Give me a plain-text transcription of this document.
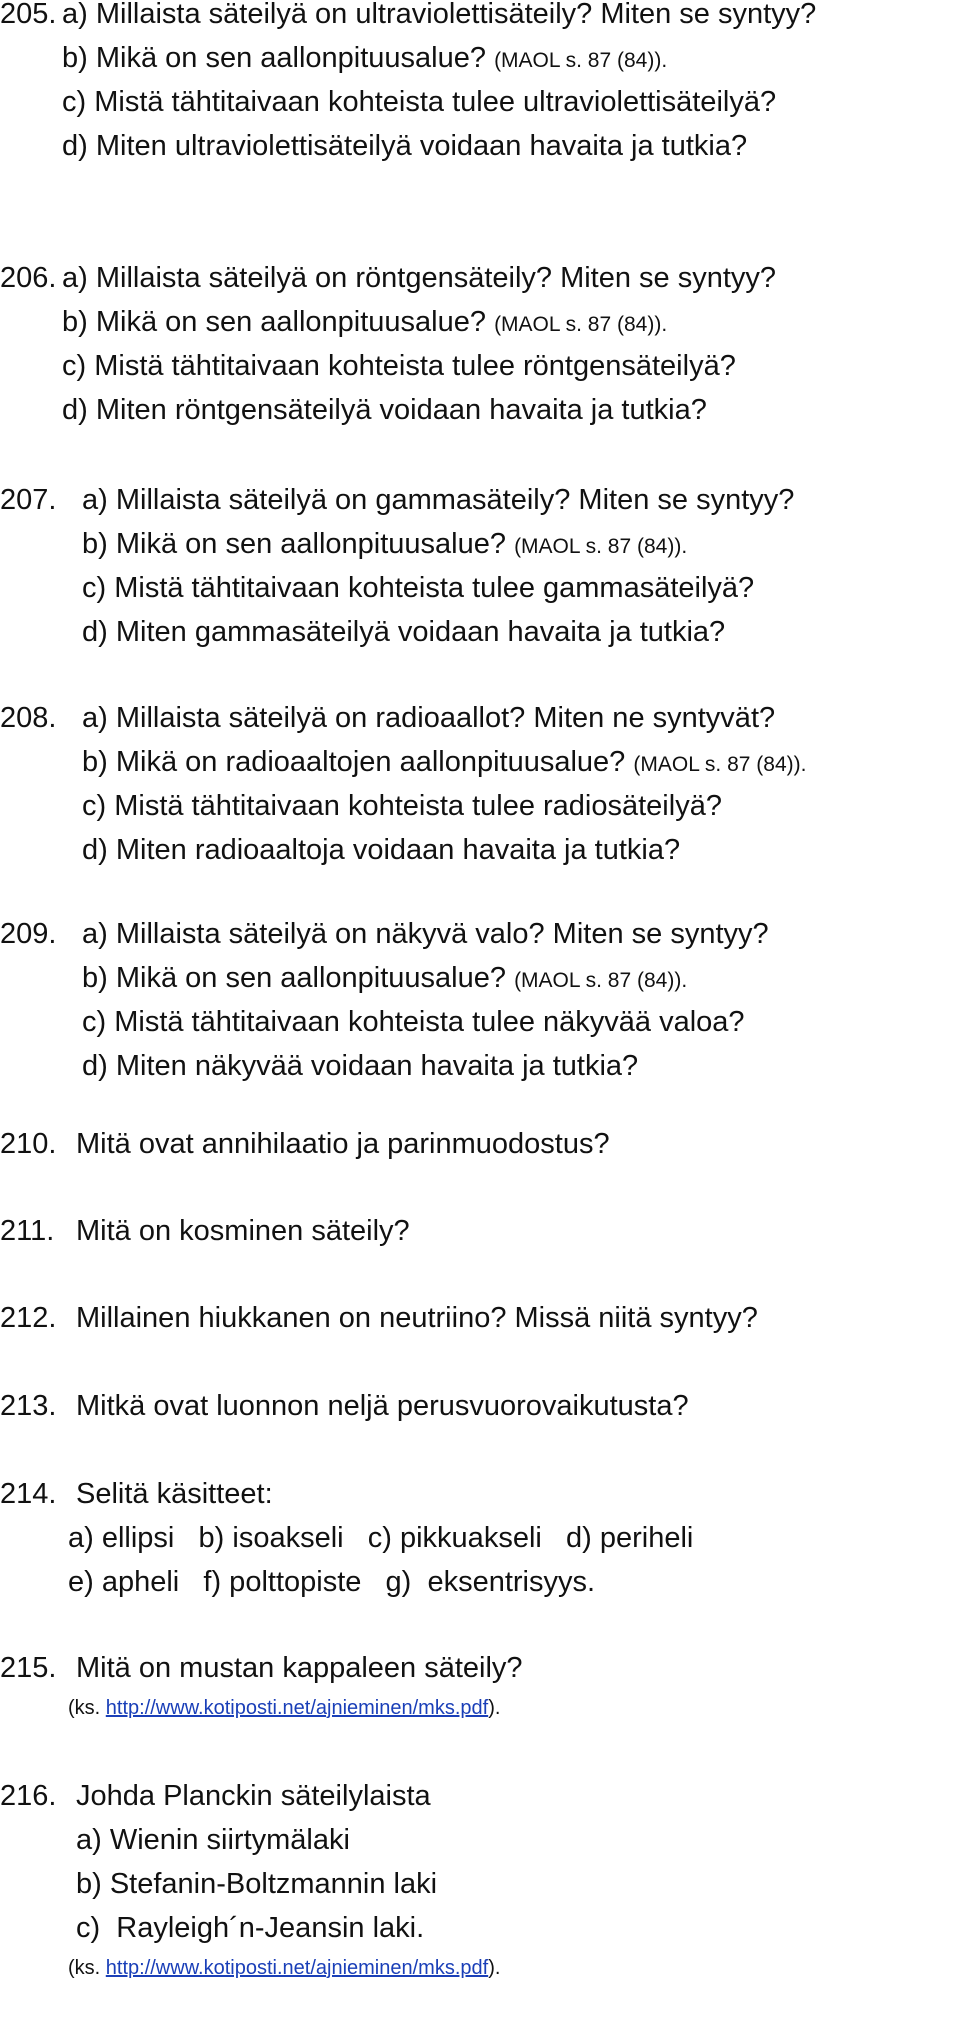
205. a) Millaista säteilyä on ultraviolettisäteily? Miten se syntyy?
b) Mikä on sen aallonpituusalue? (MAOL s. 87 (84)).
c) Mistä tähtitaivaan kohteista tulee ultraviolettisäteilyä?
d) Miten ultraviolettisäteilyä voidaan havaita ja tutkia?
206. a) Millaista säteilyä on röntgensäteily? Miten se syntyy?
b) Mikä on sen aallonpituusalue? (MAOL s. 87 (84)).
c) Mistä tähtitaivaan kohteista tulee röntgensäteilyä?
d) Miten röntgensäteilyä voidaan havaita ja tutkia?
207. a) Millaista säteilyä on gammasäteily? Miten se syntyy?
b) Mikä on sen aallonpituusalue? (MAOL s. 87 (84)).
c) Mistä tähtitaivaan kohteista tulee gammasäteilyä?
d) Miten gammasäteilyä voidaan havaita ja tutkia?
208. a) Millaista säteilyä on radioaallot? Miten ne syntyvät?
b) Mikä on radioaaltojen aallonpituusalue? (MAOL s. 87 (84)).
c) Mistä tähtitaivaan kohteista tulee radiosäteilyä?
d) Miten radioaaltoja voidaan havaita ja tutkia?
209. a) Millaista säteilyä on näkyvä valo? Miten se syntyy?
b) Mikä on sen aallonpituusalue? (MAOL s. 87 (84)).
c) Mistä tähtitaivaan kohteista tulee näkyvää valoa?
d) Miten näkyvää voidaan havaita ja tutkia?
210. Mitä ovat annihilaatio ja parinmuodostus?
211. Mitä on kosminen säteily?
212. Millainen hiukkanen on neutriino? Missä niitä syntyy?
213. Mitkä ovat luonnon neljä perusvuorovaikutusta?
214. Selitä käsitteet:
a) ellipsi   b) isoakseli   c) pikkuakseli   d) periheli
e) apheli   f) polttopiste   g)  eksentrisyys.
215. Mitä on mustan kappaleen säteily?
(ks. http://www.kotiposti.net/ajnieminen/mks.pdf).
216. Johda Planckin säteilylaista
a) Wienin siirtymälaki
b) Stefanin-Boltzmannin laki
c)  Rayleigh´n-Jeansin laki.
(ks. http://www.kotiposti.net/ajnieminen/mks.pdf).
